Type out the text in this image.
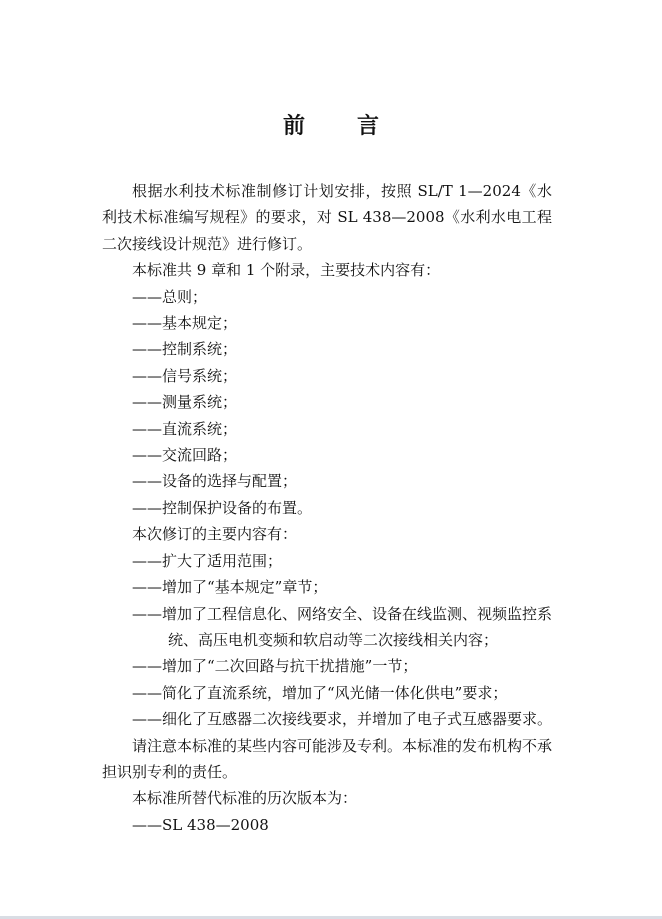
前言

根据水利技术标准制修订计划安排，按照 SL/T 1—2024《水利技术标准编写规程》的要求，对 SL 438—2008《水利水电工程二次接线设计规范》进行修订。

本标准共 9 章和 1 个附录，主要技术内容有：

——总则；

——基本规定；

——控制系统；

——信号系统；

——测量系统；

——直流系统；

——交流回路；

——设备的选择与配置；

——控制保护设备的布置。

本次修订的主要内容有：

——扩大了适用范围；

——增加了“基本规定”章节；

——增加了工程信息化、网络安全、设备在线监测、视频监控系统、高压电机变频和软启动等二次接线相关内容；

——增加了“二次回路与抗干扰措施”一节；

——简化了直流系统，增加了“风光储一体化供电”要求；

——细化了互感器二次接线要求，并增加了电子式互感器要求。

请注意本标准的某些内容可能涉及专利。本标准的发布机构不承担识别专利的责任。

本标准所替代标准的历次版本为：

——SL 438—2008
